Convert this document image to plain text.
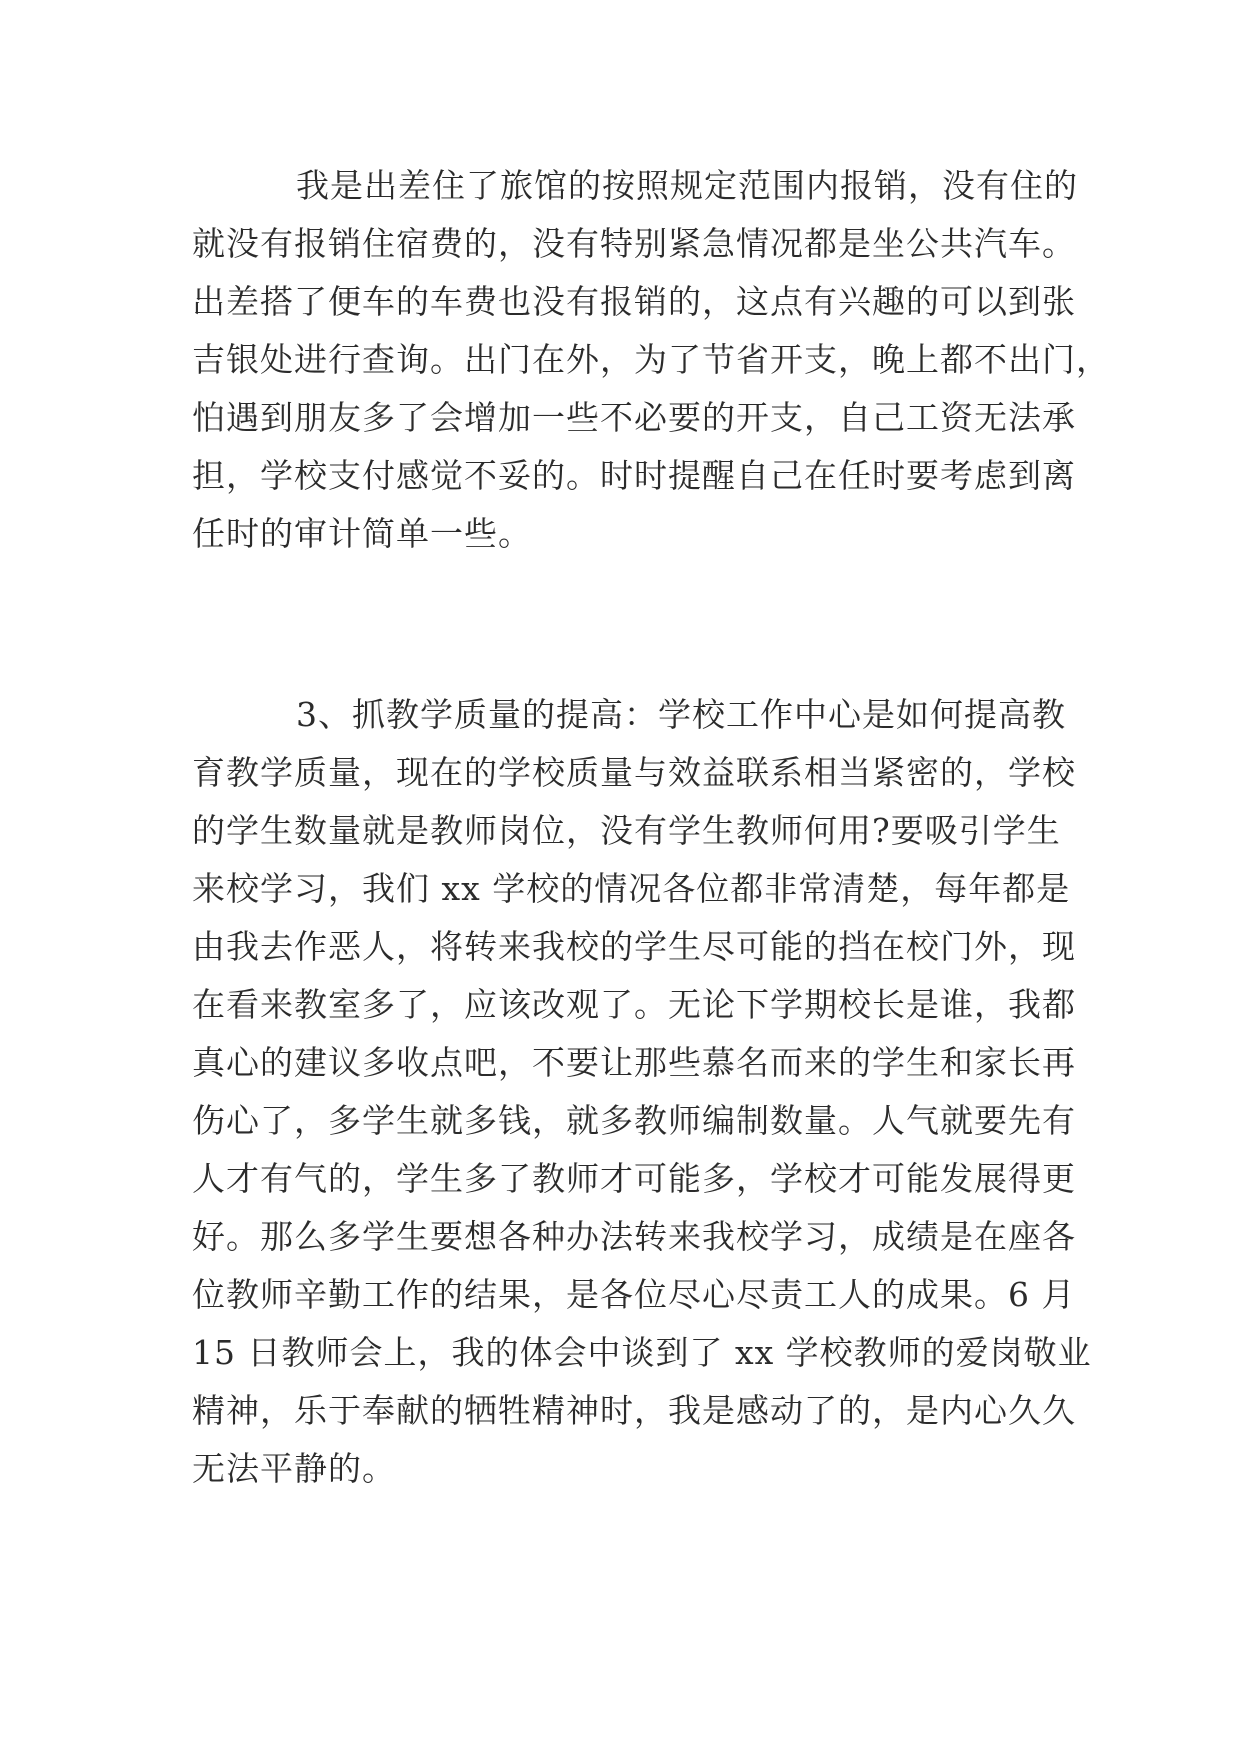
我是出差住了旅馆的按照规定范围内报销，没有住的
就没有报销住宿费的，没有特别紧急情况都是坐公共汽车。
出差搭了便车的车费也没有报销的，这点有兴趣的可以到张
吉银处进行查询。出门在外，为了节省开支，晚上都不出门，
怕遇到朋友多了会增加一些不必要的开支，自己工资无法承
担，学校支付感觉不妥的。时时提醒自己在任时要考虑到离
任时的审计简单一些。
3、抓教学质量的提高：学校工作中心是如何提高教
育教学质量，现在的学校质量与效益联系相当紧密的，学校
的学生数量就是教师岗位，没有学生教师何用?要吸引学生
来校学习，我们 xx 学校的情况各位都非常清楚，每年都是
由我去作恶人，将转来我校的学生尽可能的挡在校门外，现
在看来教室多了，应该改观了。无论下学期校长是谁，我都
真心的建议多收点吧，不要让那些慕名而来的学生和家长再
伤心了，多学生就多钱，就多教师编制数量。人气就要先有
人才有气的，学生多了教师才可能多，学校才可能发展得更
好。那么多学生要想各种办法转来我校学习，成绩是在座各
位教师辛勤工作的结果，是各位尽心尽责工人的成果。6 月
15 日教师会上，我的体会中谈到了 xx 学校教师的爱岗敬业
精神，乐于奉献的牺牲精神时，我是感动了的，是内心久久
无法平静的。
